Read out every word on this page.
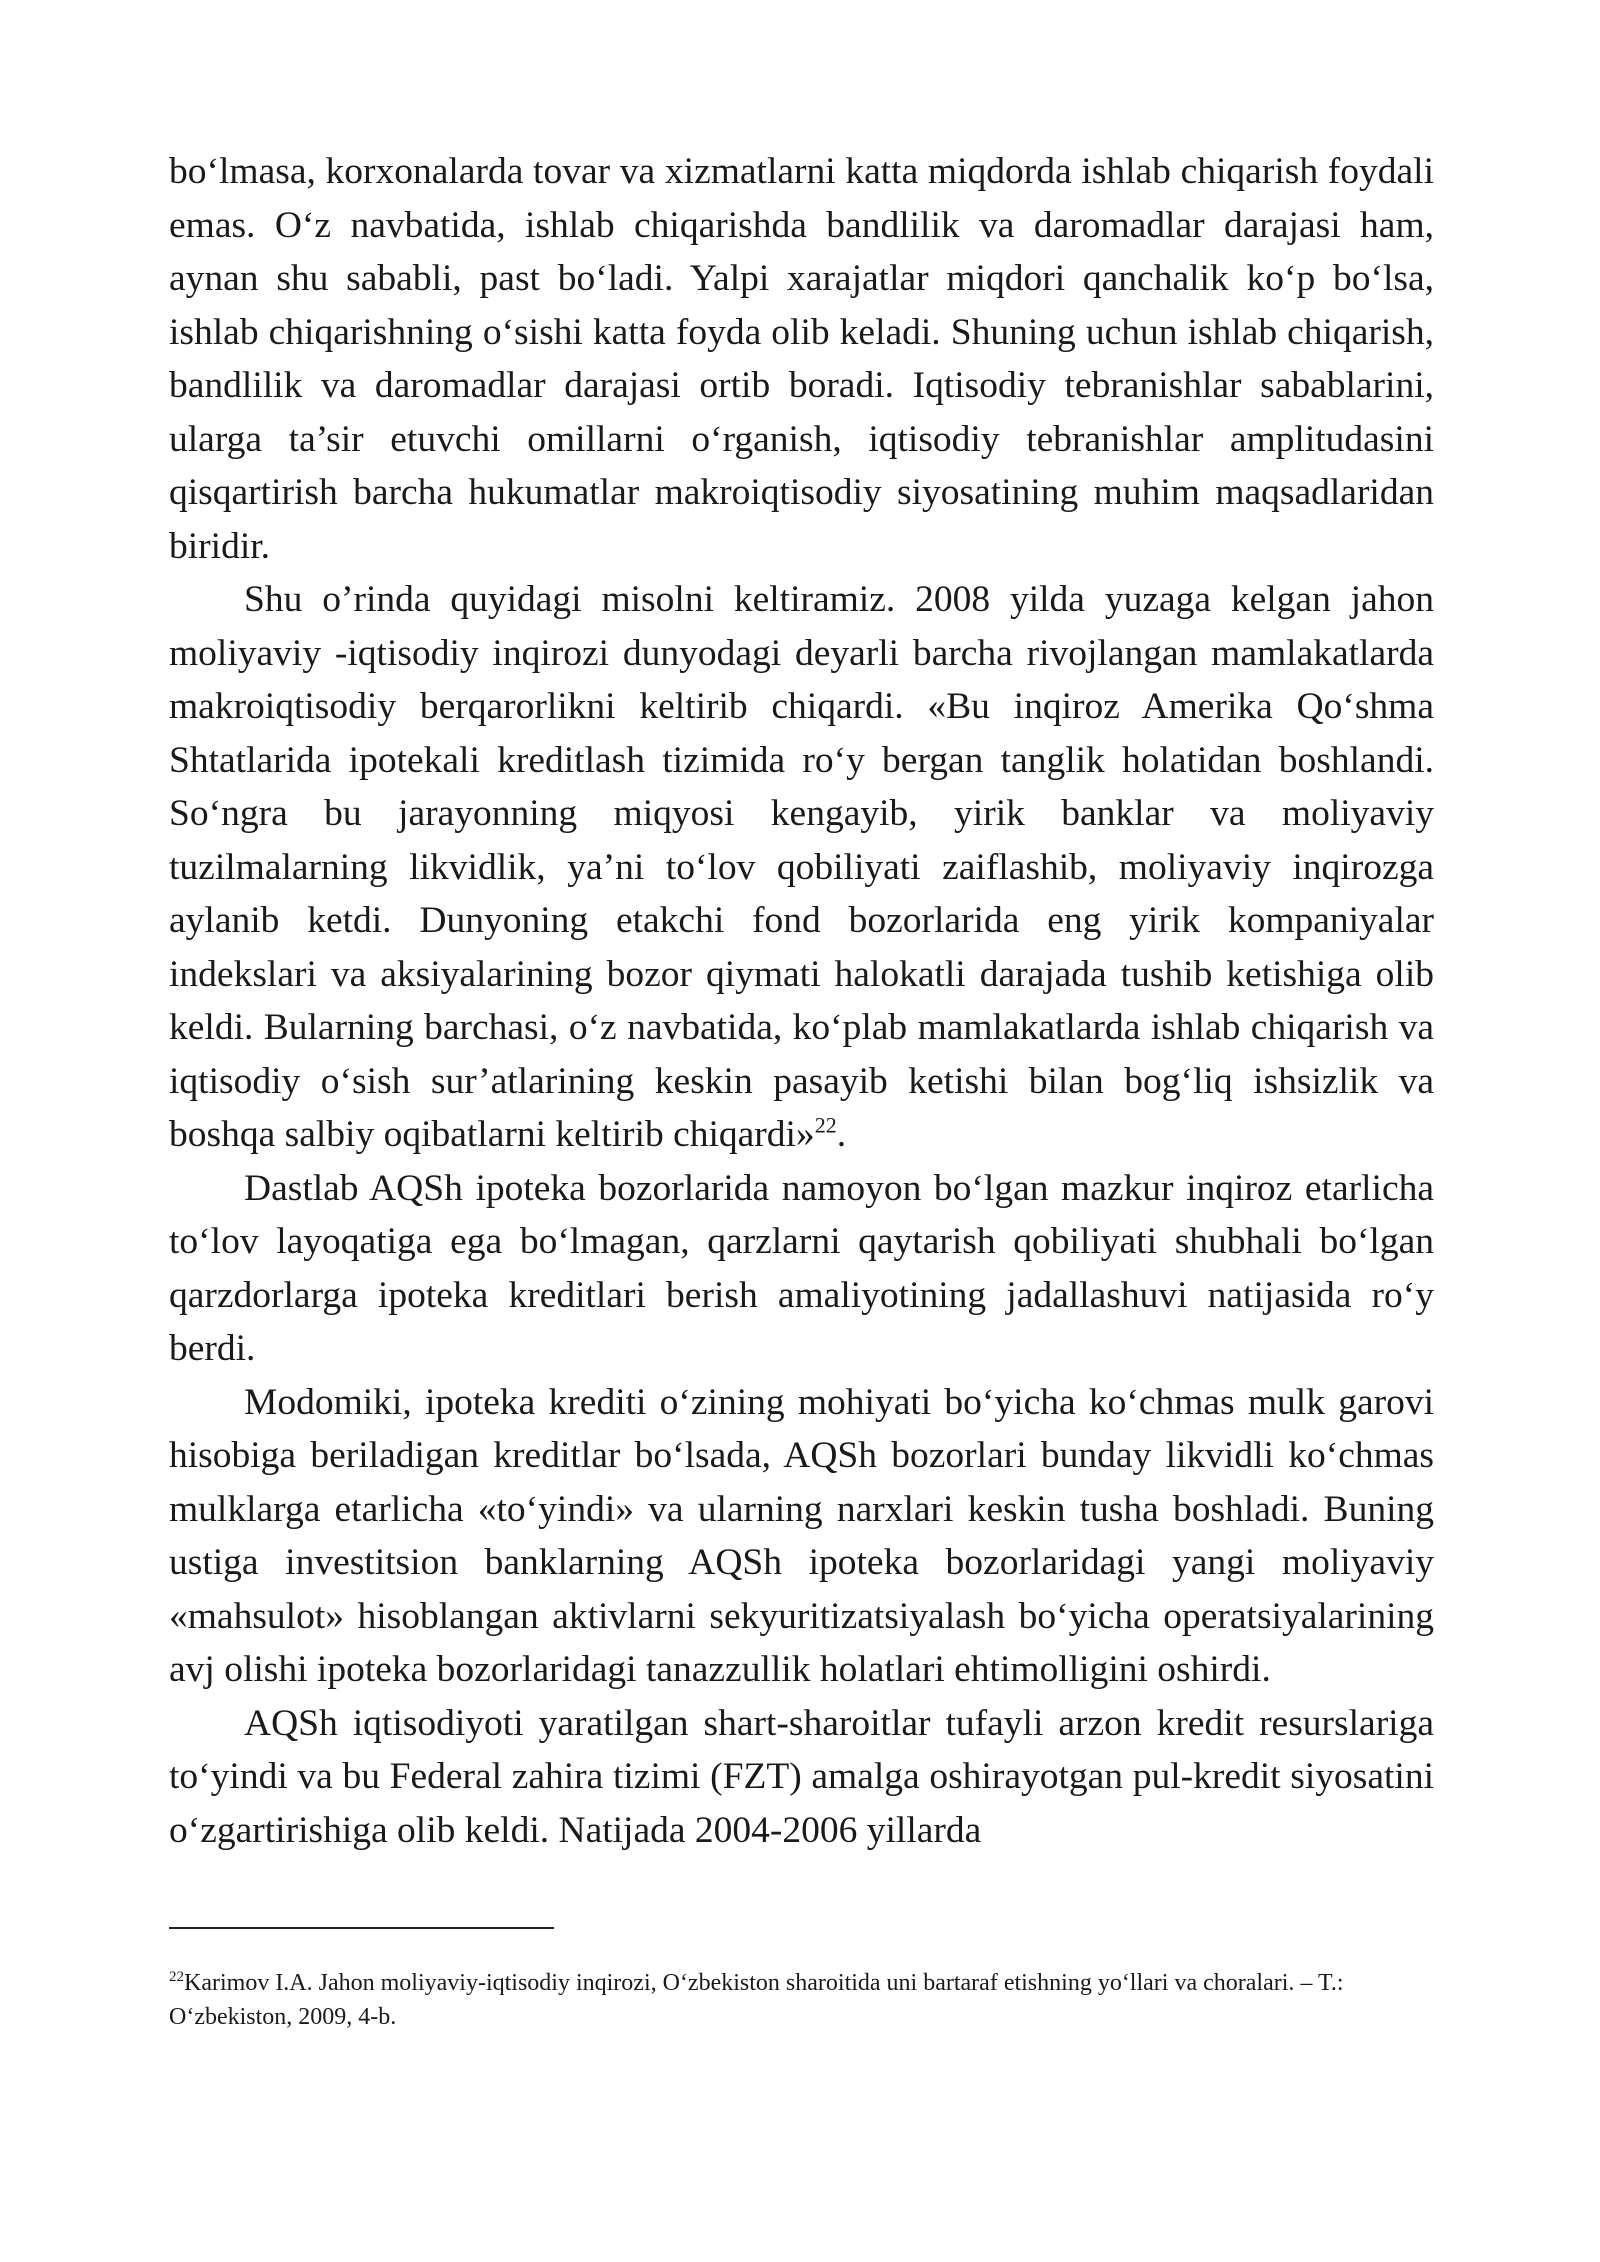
bo‘lmasa, korxonalarda tovar va xizmatlarni katta miqdorda ishlab chiqarish foydali emas. O‘z navbatida, ishlab chiqarishda bandlilik va daromadlar darajasi ham, aynan shu sababli, past bo‘ladi. Yalpi xarajatlar miqdori qanchalik ko‘p bo‘lsa, ishlab chiqarishning o‘sishi katta foyda olib keladi. Shuning uchun ishlab chiqarish, bandlilik va daromadlar darajasi ortib boradi. Iqtisodiy tebranishlar sabablarini, ularga ta’sir etuvchi omillarni o‘rganish, iqtisodiy tebranishlar amplitudasini qisqartirish barcha hukumatlar makroiqtisodiy siyosatining muhim maqsadlaridan biridir.

Shu o’rinda quyidagi misolni keltiramiz. 2008 yilda yuzaga kelgan jahon moliyaviy -iqtisodiy inqirozi dunyodagi deyarli barcha rivojlangan mamlakatlarda makroiqtisodiy berqarorlikni keltirib chiqardi. «Bu inqiroz Amerika Qo‘shma Shtatlarida ipotekali kreditlash tizimida ro‘y bergan tanglik holatidan boshlandi. So‘ngra bu jarayonning miqyosi kengayib, yirik banklar va moliyaviy tuzilmalarning likvidlik, ya’ni to‘lov qobiliyati zaiflashib, moliyaviy inqirozga aylanib ketdi. Dunyoning etakchi fond bozorlarida eng yirik kompaniyalar indekslari va aksiyalarining bozor qiymati halokatli darajada tushib ketishiga olib keldi. Bularning barchasi, o‘z navbatida, ko‘plab mamlakatlarda ishlab chiqarish va iqtisodiy o‘sish sur’atlarining keskin pasayib ketishi bilan bog‘liq ishsizlik va boshqa salbiy oqibatlarni keltirib chiqardi»$^{22}$.

Dastlab AQSh ipoteka bozorlarida namoyon bo‘lgan mazkur inqiroz etarlicha to‘lov layoqatiga ega bo‘lmagan, qarzlarni qaytarish qobiliyati shubhali bo‘lgan qarzdorlarga ipoteka kreditlari berish amaliyotining jadallashuvi natijasida ro‘y berdi.

Modomiki, ipoteka krediti o‘zining mohiyati bo‘yicha ko‘chmas mulk garovi hisobiga beriladigan kreditlar bo‘lsada, AQSh bozorlari bunday likvidli ko‘chmas mulklarga etarlicha «to‘yindi» va ularning narxlari keskin tusha boshladi. Buning ustiga investitsion banklarning AQSh ipoteka bozorlaridagi yangi moliyaviy «mahsulot» hisoblangan aktivlarni sekyuritizatsiyalash bo‘yicha operatsiyalarining avj olishi ipoteka bozorlaridagi tanazzullik holatlari ehtimolligini oshirdi.

AQSh iqtisodiyoti yaratilgan shart-sharoitlar tufayli arzon kredit resurslariga to‘yindi va bu Federal zahira tizimi (FZT) amalga oshirayotgan pul-kredit siyosatini o‘zgartirishiga olib keldi. Natijada 2004-2006 yillarda

$^{22}$Karimov I.A. Jahon moliyaviy-iqtisodiy inqirozi, O‘zbekiston sharoitida uni bartaraf etishning yo‘llari va choralari. – T.: O‘zbekiston, 2009, 4-b.
